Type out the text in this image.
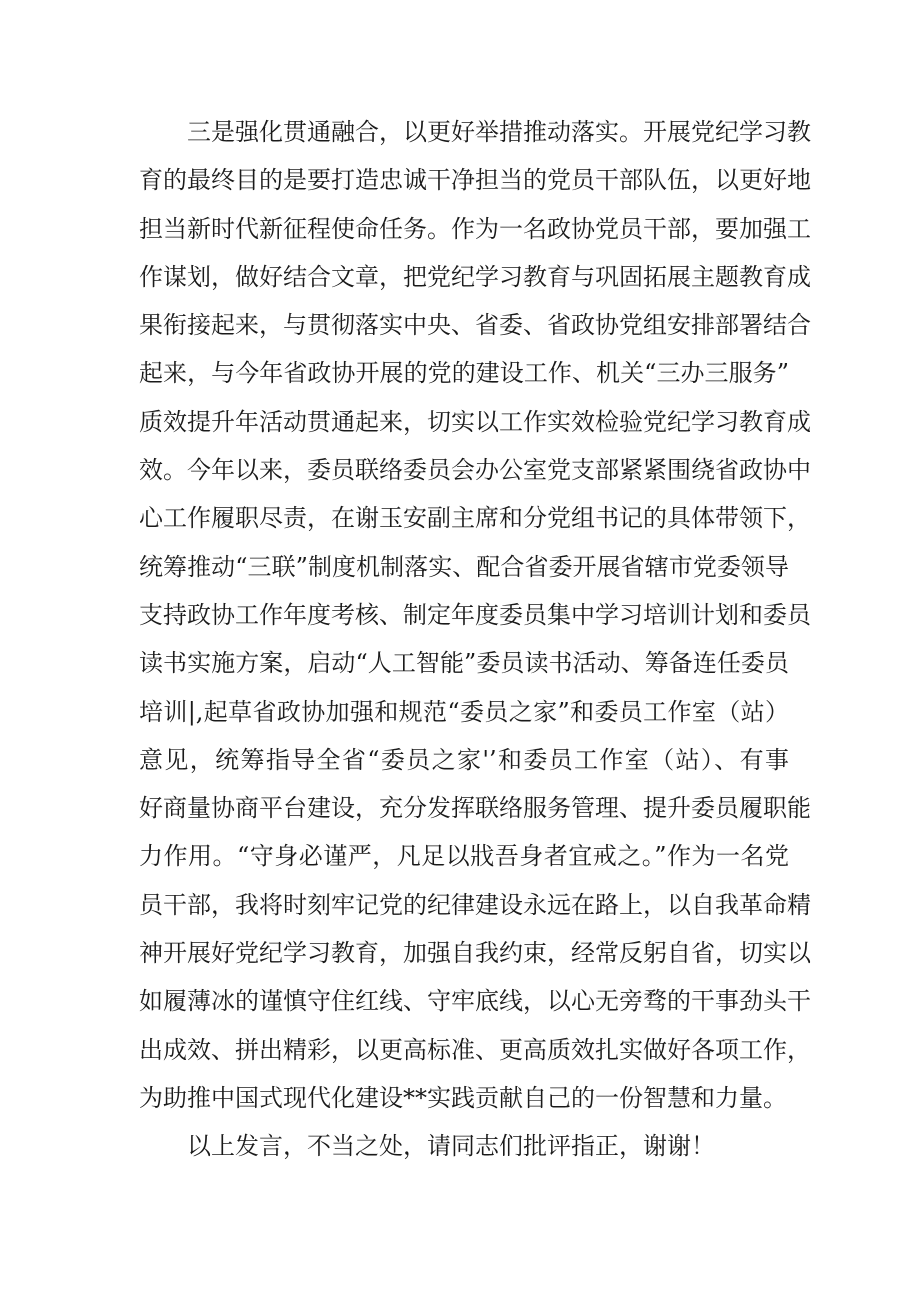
三是强化贯通融合，以更好举措推动落实。开展党纪学习教
育的最终目的是要打造忠诚干净担当的党员干部队伍，以更好地
担当新时代新征程使命任务。作为一名政协党员干部，要加强工
作谋划，做好结合文章，把党纪学习教育与巩固拓展主题教育成
果衔接起来，与贯彻落实中央、省委、省政协党组安排部署结合
起来，与今年省政协开展的党的建设工作、机关“三办三服务”
质效提升年活动贯通起来，切实以工作实效检验党纪学习教育成
效。今年以来，委员联络委员会办公室党支部紧紧围绕省政协中
心工作履职尽责，在谢玉安副主席和分党组书记的具体带领下，
统筹推动“三联”制度机制落实、配合省委开展省辖市党委领导
支持政协工作年度考核、制定年度委员集中学习培训计划和委员
读书实施方案，启动“人工智能”委员读书活动、筹备连任委员
培训|,起草省政协加强和规范“委员之家”和委员工作室（站）
意见，统筹指导全省“委员之家'’和委员工作室（站）、有事
好商量协商平台建设，充分发挥联络服务管理、提升委员履职能
力作用。“守身必谨严，凡足以戕吾身者宜戒之。”作为一名党
员干部，我将时刻牢记党的纪律建设永远在路上，以自我革命精
神开展好党纪学习教育，加强自我约束，经常反躬自省，切实以
如履薄冰的谨慎守住红线、守牢底线，以心无旁骛的干事劲头干
出成效、拼出精彩，以更高标准、更高质效扎实做好各项工作，
为助推中国式现代化建设**实践贡献自己的一份智慧和力量。
以上发言，不当之处，请同志们批评指正，谢谢！
